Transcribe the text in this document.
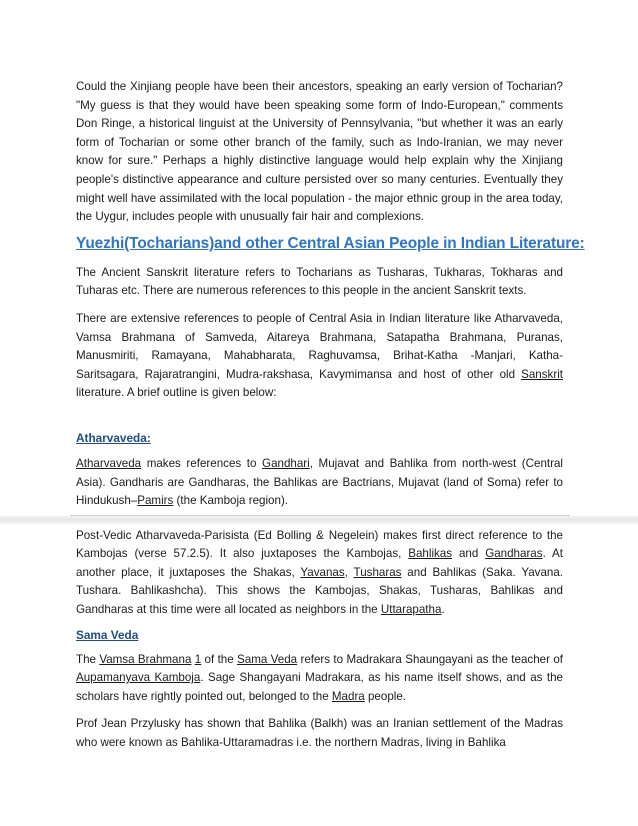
Could the Xinjiang people have been their ancestors, speaking an early version of Tocharian? "My guess is that they would have been speaking some form of Indo-European," comments Don Ringe, a historical linguist at the University of Pennsylvania, "but whether it was an early form of Tocharian or some other branch of the family, such as Indo-Iranian, we may never know for sure." Perhaps a highly distinctive language would help explain why the Xinjiang people's distinctive appearance and culture persisted over so many centuries. Eventually they might well have assimilated with the local population - the major ethnic group in the area today, the Uygur, includes people with unusually fair hair and complexions.

Yuezhi(Tocharians)and other Central Asian People in Indian Literature:

The Ancient Sanskrit literature refers to Tocharians as Tusharas, Tukharas, Tokharas and Tuharas etc. There are numerous references to this people in the ancient Sanskrit texts.

There are extensive references to people of Central Asia in Indian literature like Atharvaveda, Vamsa Brahmana of Samveda, Aitareya Brahmana, Satapatha Brahmana, Puranas, Manusmiriti, Ramayana, Mahabharata, Raghuvamsa, Brihat-Katha -Manjari, Katha-Saritsagara, Rajaratrangini, Mudra-rakshasa, Kavymimansa and host of other old Sanskrit literature. A brief outline is given below:

Atharvaveda:

Atharvaveda makes references to Gandhari, Mujavat and Bahlika from north-west (Central Asia). Gandharis are Gandharas, the Bahlikas are Bactrians, Mujavat (land of Soma) refer to Hindukush–Pamirs (the Kamboja region).

Post-Vedic Atharvaveda-Parisista (Ed Bolling & Negelein) makes first direct reference to the Kambojas (verse 57.2.5). It also juxtaposes the Kambojas, Bahlikas and Gandharas. At another place, it juxtaposes the Shakas, Yavanas, Tusharas and Bahlikas (Saka. Yavana. Tushara. Bahlikashcha). This shows the Kambojas, Shakas, Tusharas, Bahlikas and Gandharas at this time were all located as neighbors in the Uttarapatha.

Sama Veda

The Vamsa Brahmana 1 of the Sama Veda refers to Madrakara Shaungayani as the teacher of Aupamanyava Kamboja. Sage Shangayani Madrakara, as his name itself shows, and as the scholars have rightly pointed out, belonged to the Madra people.

Prof Jean Przylusky has shown that Bahlika (Balkh) was an Iranian settlement of the Madras who were known as Bahlika-Uttaramadras i.e. the northern Madras, living in Bahlika
